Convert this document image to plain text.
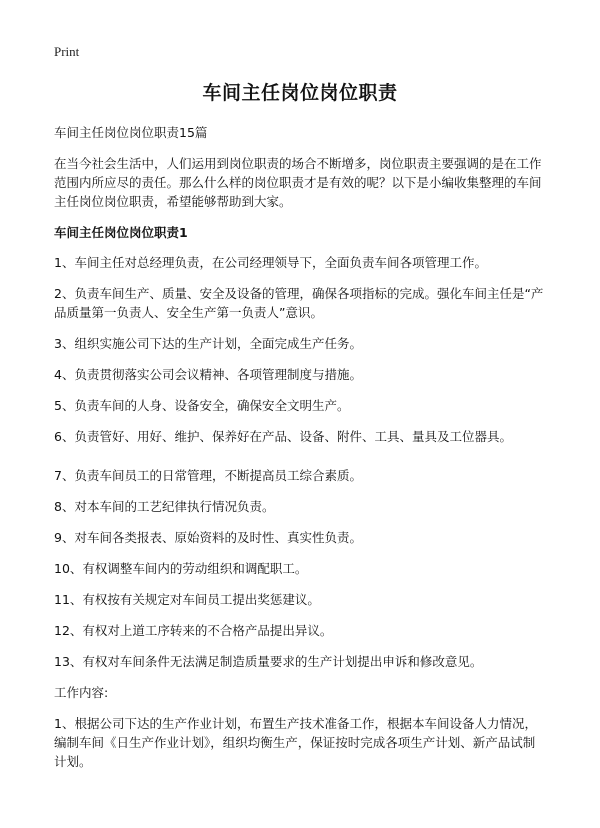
Print
车间主任岗位岗位职责

车间主任岗位岗位职责15篇

在当今社会生活中，人们运用到岗位职责的场合不断增多，岗位职责主要强调的是在工作范围内所应尽的责任。那么什么样的岗位职责才是有效的呢？以下是小编收集整理的车间主任岗位岗位职责，希望能够帮助到大家。

车间主任岗位岗位职责1

1、车间主任对总经理负责，在公司经理领导下，全面负责车间各项管理工作。

2、负责车间生产、质量、安全及设备的管理，确保各项指标的完成。强化车间主任是“产品质量第一负责人、安全生产第一负责人”意识。

3、组织实施公司下达的生产计划，全面完成生产任务。

4、负责贯彻落实公司会议精神、各项管理制度与措施。

5、负责车间的人身、设备安全，确保安全文明生产。

6、负责管好、用好、维护、保养好在产品、设备、附件、工具、量具及工位器具。

7、负责车间员工的日常管理，不断提高员工综合素质。

8、对本车间的工艺纪律执行情况负责。

9、对车间各类报表、原始资料的及时性、真实性负责。

10、有权调整车间内的劳动组织和调配职工。

11、有权按有关规定对车间员工提出奖惩建议。

12、有权对上道工序转来的不合格产品提出异议。

13、有权对车间条件无法满足制造质量要求的生产计划提出申诉和修改意见。

工作内容:

1、根据公司下达的生产作业计划，布置生产技术准备工作，根据本车间设备人力情况，编制车间《日生产作业计划》，组织均衡生产，保证按时完成各项生产计划、新产品试制计划。
